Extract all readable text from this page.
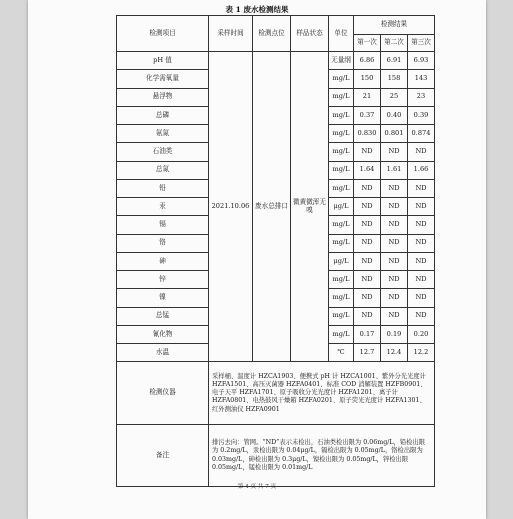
表 1 废水检测结果
检测项目	采样时间	检测点位	样品状态	单位	检测结果		
					第一次	第二次	第三次
pH 值	2021.10.06	废水总排口	微黄微浑无嗅	无量纲	6.86	6.91	6.93
化学需氧量				mg/L	150	158	143
悬浮物				mg/L	21	25	23
总磷				mg/L	0.37	0.40	0.39
氨氮				mg/L	0.830	0.801	0.874
石油类				mg/L	ND	ND	ND
总氮				mg/L	1.64	1.61	1.66
铅				mg/L	ND	ND	ND
汞				μg/L	ND	ND	ND
镉				mg/L	ND	ND	ND
铬				mg/L	ND	ND	ND
砷				μg/L	ND	ND	ND
锌				mg/L	ND	ND	ND
镍				mg/L	ND	ND	ND
总锰				mg/L	ND	ND	ND
氰化物				mg/L	0.17	0.19	0.20
水温				℃	12.7	12.4	12.2
检测仪器	采样桶、温度计 HZCA1903、便携式 pH 计 HZCA1001、紫外分光光度计 HZFA1501、高压灭菌器 HZFA0401、标准 COD 消解装置 HZFB0901、电子天平 HZFA1701、原子吸收分光光度计 HZFA1201、离子计 HZFA0801、电热鼓风干燥箱 HZFA0201、原子荧光光度计 HZFA1301、红外测油仪 HZFA0901						
备注	排污去向：管网。“ND”表示未检出，石油类检出限为 0.06mg/L，铅检出限为 0.2mg/L，汞检出限为 0.04μg/L，镉检出限为 0.05mg/L，铬检出限为 0.03mg/L，砷检出限为 0.3μg/L，镍检出限为 0.05mg/L，锌检出限 0.05mg/L，锰检出限为 0.01mg/L						
第 4 页 共 7 页
